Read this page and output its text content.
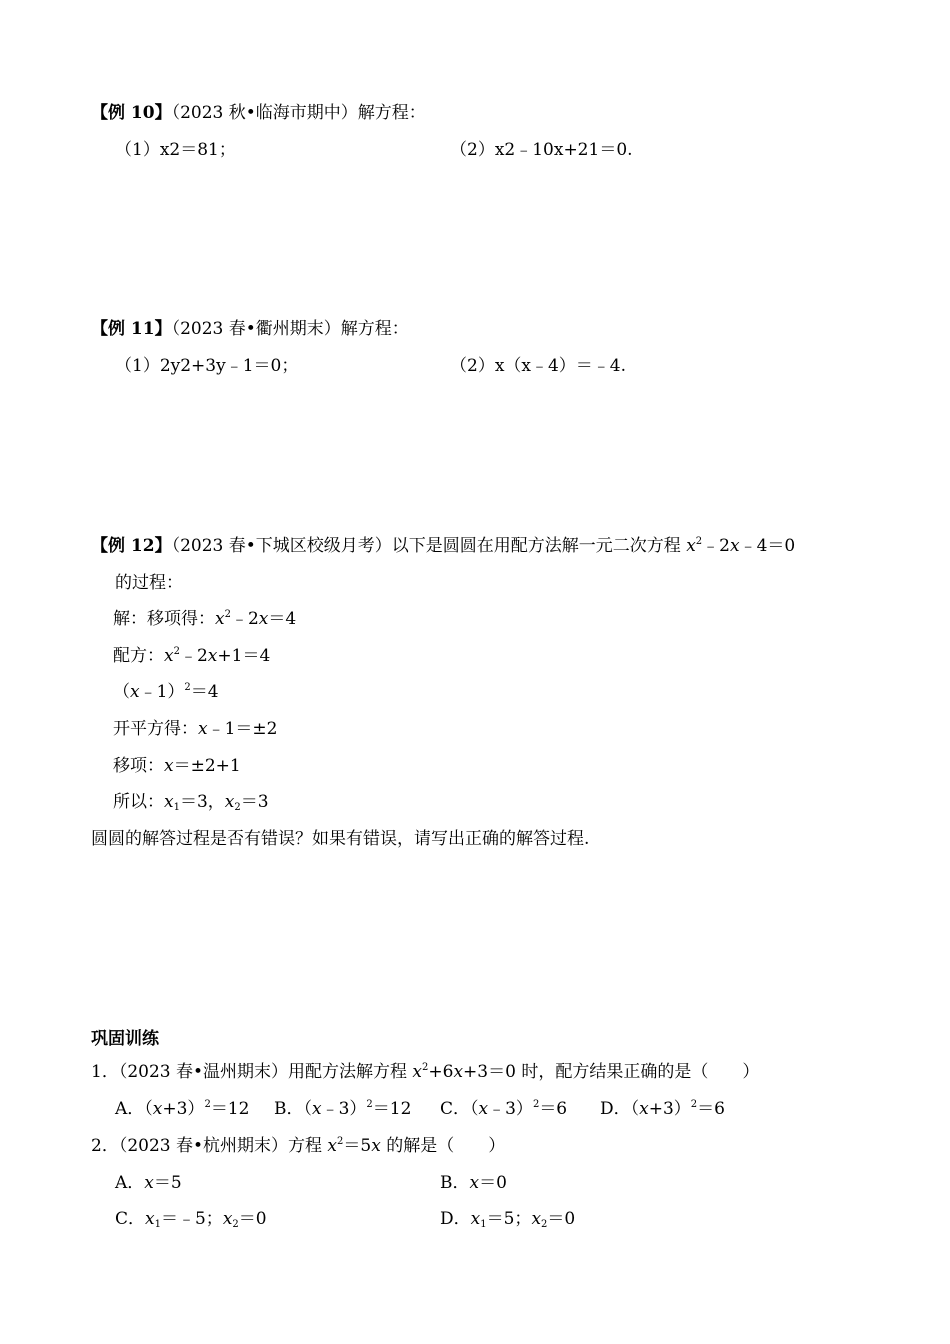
【例 10】（2023 秋•临海市期中）解方程：
（1）x2＝81；	（2）x2﹣10x+21＝0.
【例 11】（2023 春•衢州期末）解方程：
（1）2y2+3y﹣1＝0；	（2）x（x﹣4）＝﹣4.
【例 12】（2023 春•下城区校级月考）以下是圆圆在用配方法解一元二次方程 $x^2﹣2x﹣4=0$
的过程：
解：移项得：$x^2﹣2x=4$
配方：$x^2﹣2x+1=4$
（x﹣1）$^2$＝4
开平方得：x﹣1＝±2
移项：x＝±2+1
所以：$x_1=3$，$x_2=3$
圆圆的解答过程是否有错误？如果有错误，请写出正确的解答过程.
巩固训练
1．（2023 春•温州期末）用配方法解方程 $x^2+6x+3=0$ 时，配方结果正确的是（　　）
A．$(x+3)^2=12$ B．（x﹣3）$^2$＝12 C．（x﹣3）$^2$＝6 D．$(x+3)^2=6$
2．（2023 春•杭州期末）方程 $x^2=5x$ 的解是（　　）
A．x＝5	B．x＝0
C．$x_1=﹣5$；$x_2=0$	D．$x_1=5$；$x_2=0$
